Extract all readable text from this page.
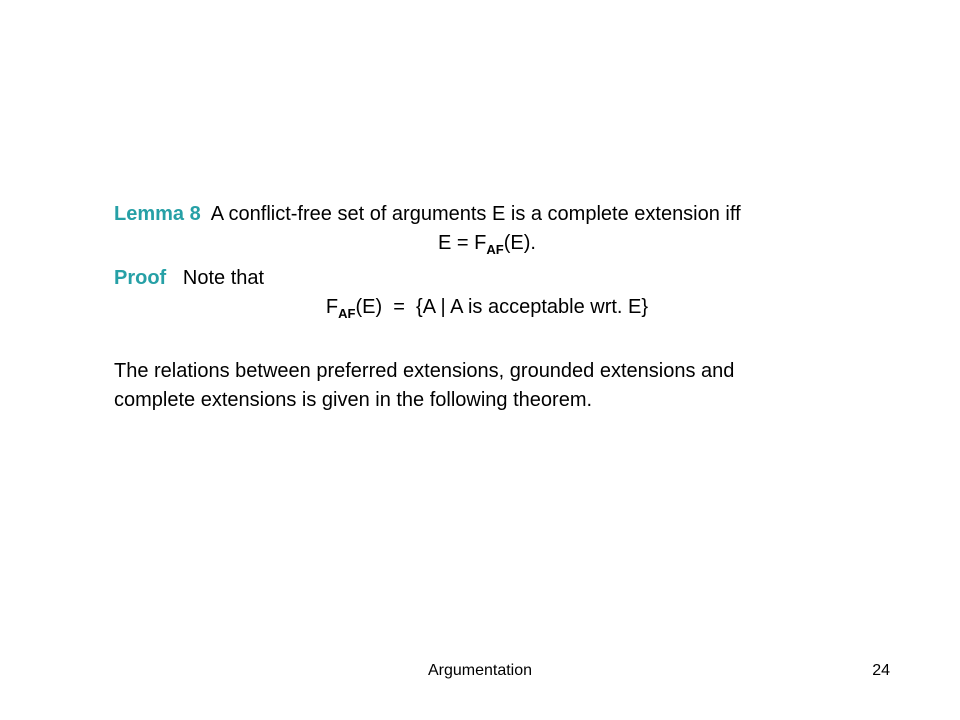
Lemma 8 A conflict-free set of arguments E is a complete extension iff
$E = F_{AF}(E)$.
Proof Note that
$F_{AF}(E) = \{A$ | A is acceptable wrt. E}
The relations between preferred extensions, grounded extensions and
complete extensions is given in the following theorem.
Argumentation	24
